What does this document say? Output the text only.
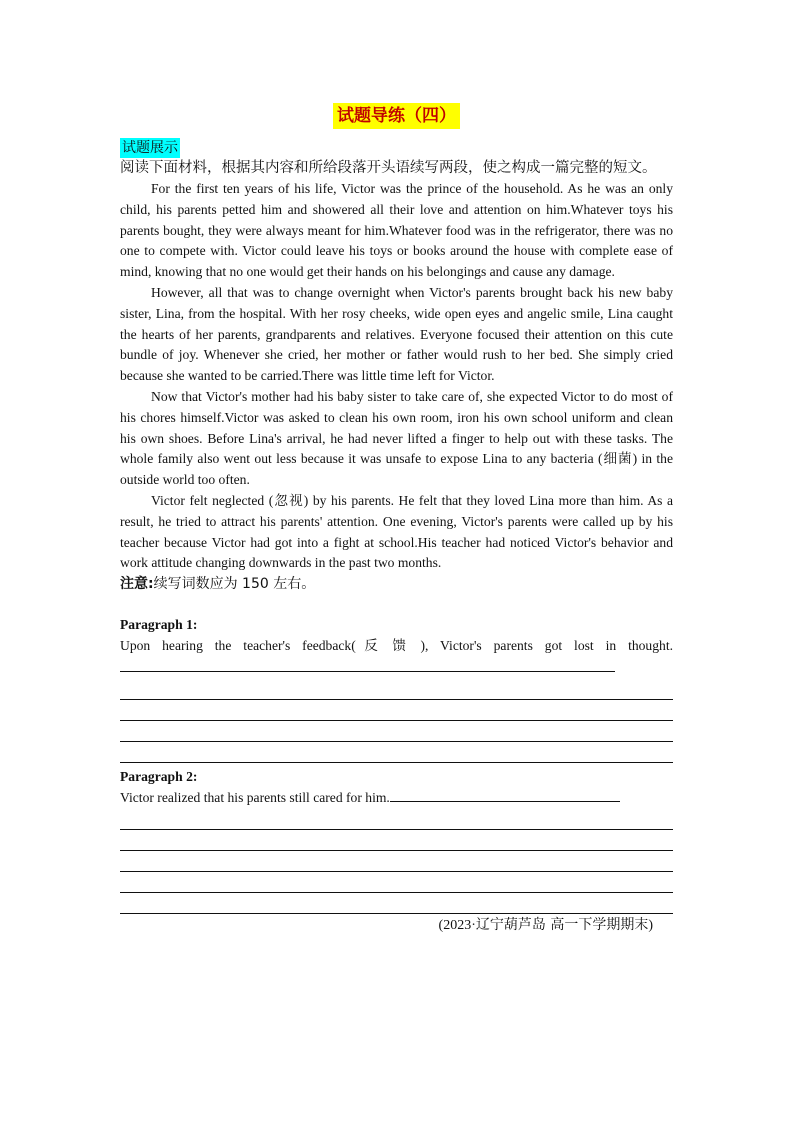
试题导练（四）
试题展示

阅读下面材料，根据其内容和所给段落开头语续写两段，使之构成一篇完整的短文。

For the first ten years of his life, Victor was the prince of the household. As he was an only child, his parents petted him and showered all their love and attention on him.Whatever toys his parents bought, they were always meant for him.Whatever food was in the refrigerator, there was no one to compete with. Victor could leave his toys or books around the house with complete ease of mind, knowing that no one would get their hands on his belongings and cause any damage.

However, all that was to change overnight when Victor's parents brought back his new baby sister, Lina, from the hospital. With her rosy cheeks, wide open eyes and angelic smile, Lina caught the hearts of her parents, grandparents and relatives. Everyone focused their attention on this cute bundle of joy. Whenever she cried, her mother or father would rush to her bed. She simply cried because she wanted to be carried.There was little time left for Victor.

Now that Victor's mother had his baby sister to take care of, she expected Victor to do most of his chores himself.Victor was asked to clean his own room, iron his own school uniform and clean his own shoes. Before Lina's arrival, he had never lifted a finger to help out with these tasks. The whole family also went out less because it was unsafe to expose Lina to any bacteria (细菌) in the outside world too often.

Victor felt neglected (忽视) by his parents. He felt that they loved Lina more than him. As a result, he tried to attract his parents' attention. One evening, Victor's parents were called up by his teacher because Victor had got into a fight at school.His teacher had noticed Victor's behavior and work attitude changing downwards in the past two months.

注意:续写词数应为 150 左右。

Paragraph 1:

Upon hearing the teacher's feedback(反馈), Victor's parents got lost in thought.

Paragraph 2:

Victor realized that his parents still cared for him.

(2023·辽宁葫芦岛 高一下学期期末)
